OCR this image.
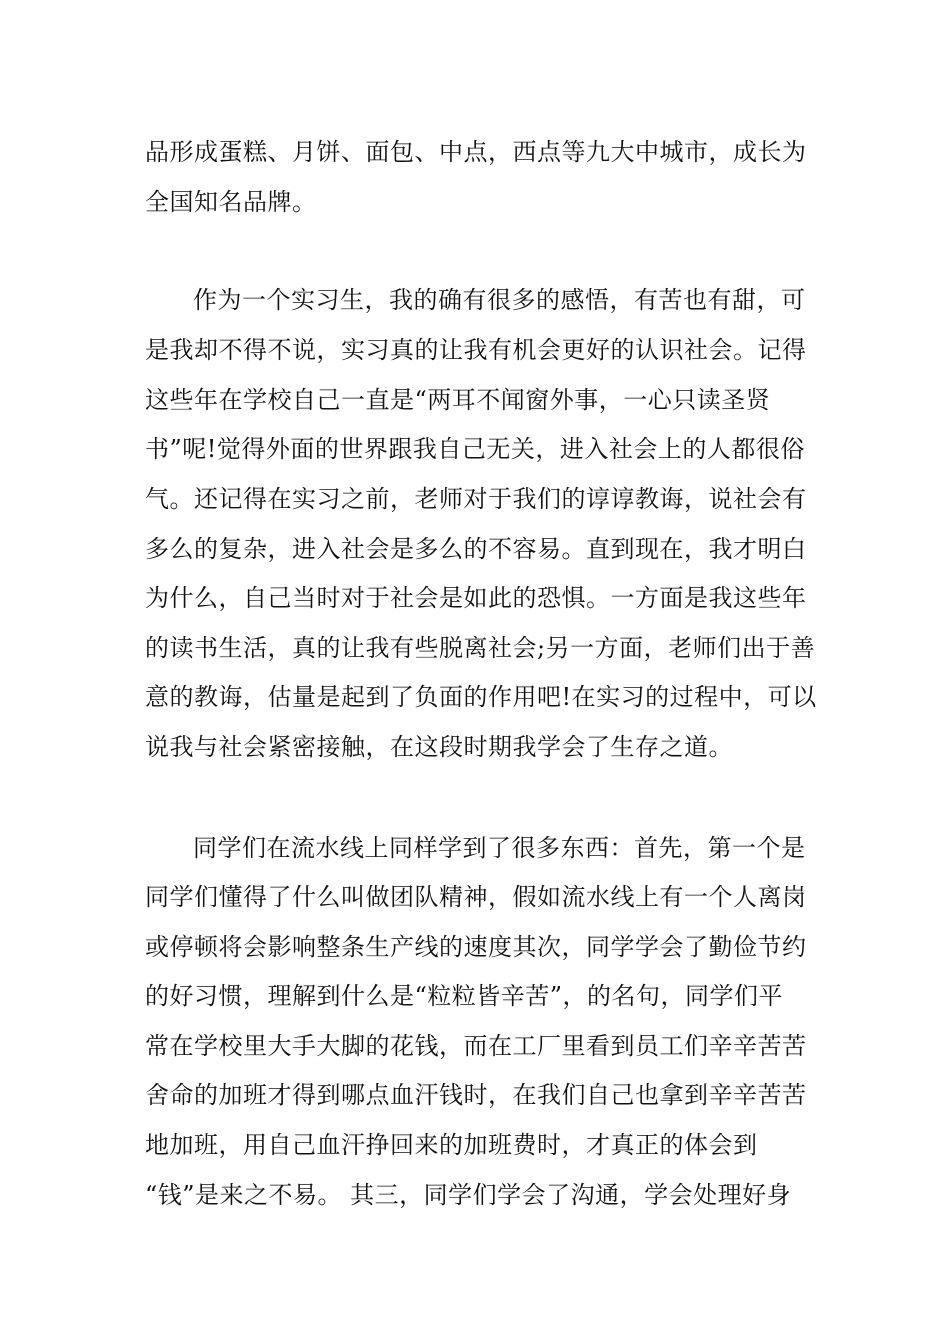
品形成蛋糕、月饼、面包、中点，西点等九大中城市，成长为
全国知名品牌。
作为一个实习生，我的确有很多的感悟，有苦也有甜，可
是我却不得不说，实习真的让我有机会更好的认识社会。记得
这些年在学校自己一直是“两耳不闻窗外事，一心只读圣贤
书”呢!觉得外面的世界跟我自己无关，进入社会上的人都很俗
气。还记得在实习之前，老师对于我们的谆谆教诲，说社会有
多么的复杂，进入社会是多么的不容易。直到现在，我才明白
为什么，自己当时对于社会是如此的恐惧。一方面是我这些年
的读书生活，真的让我有些脱离社会;另一方面，老师们出于善
意的教诲，估量是起到了负面的作用吧!在实习的过程中，可以
说我与社会紧密接触，在这段时期我学会了生存之道。
同学们在流水线上同样学到了很多东西：首先，第一个是
同学们懂得了什么叫做团队精神，假如流水线上有一个人离岗
或停顿将会影响整条生产线的速度其次，同学学会了勤俭节约
的好习惯，理解到什么是“粒粒皆辛苦”，的名句，同学们平
常在学校里大手大脚的花钱，而在工厂里看到员工们辛辛苦苦
舍命的加班才得到哪点血汗钱时，在我们自己也拿到辛辛苦苦
地加班，用自己血汗挣回来的加班费时，才真正的体会到
“钱”是来之不易。 其三，同学们学会了沟通，学会处理好身
